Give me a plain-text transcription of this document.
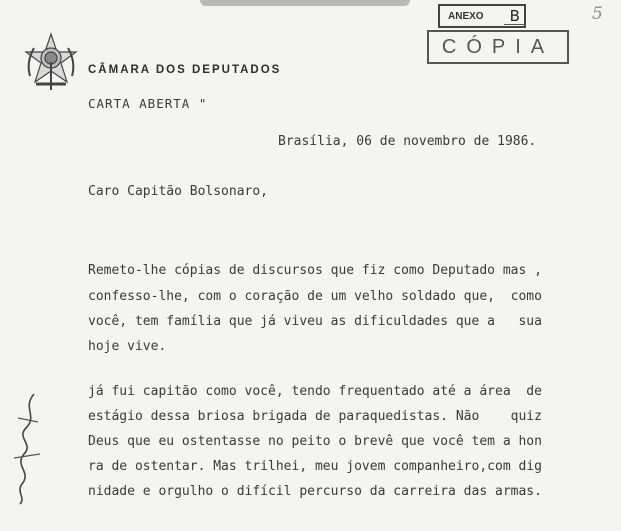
CÂMARA DOS DEPUTADOS
CARTA ABERTA "
ANEXO	B
CÓPIA
5
Brasília, 06 de novembro de 1986.
Caro Capitão Bolsonaro,
Remeto-lhe cópias de discursos que fiz como Deputado mas ,
confesso-lhe, com o coração de um velho soldado que,  como
você, tem família que já viveu as dificuldades que a   sua
hoje vive.
já fui capitão como você, tendo frequentado até a área  de
estágio dessa briosa brigada de paraquedistas. Não    quiz
Deus que eu ostentasse no peito o brevê que você tem a hon
ra de ostentar. Mas trilhei, meu jovem companheiro,com dig
nidade e orgulho o difícil percurso da carreira das armas.
